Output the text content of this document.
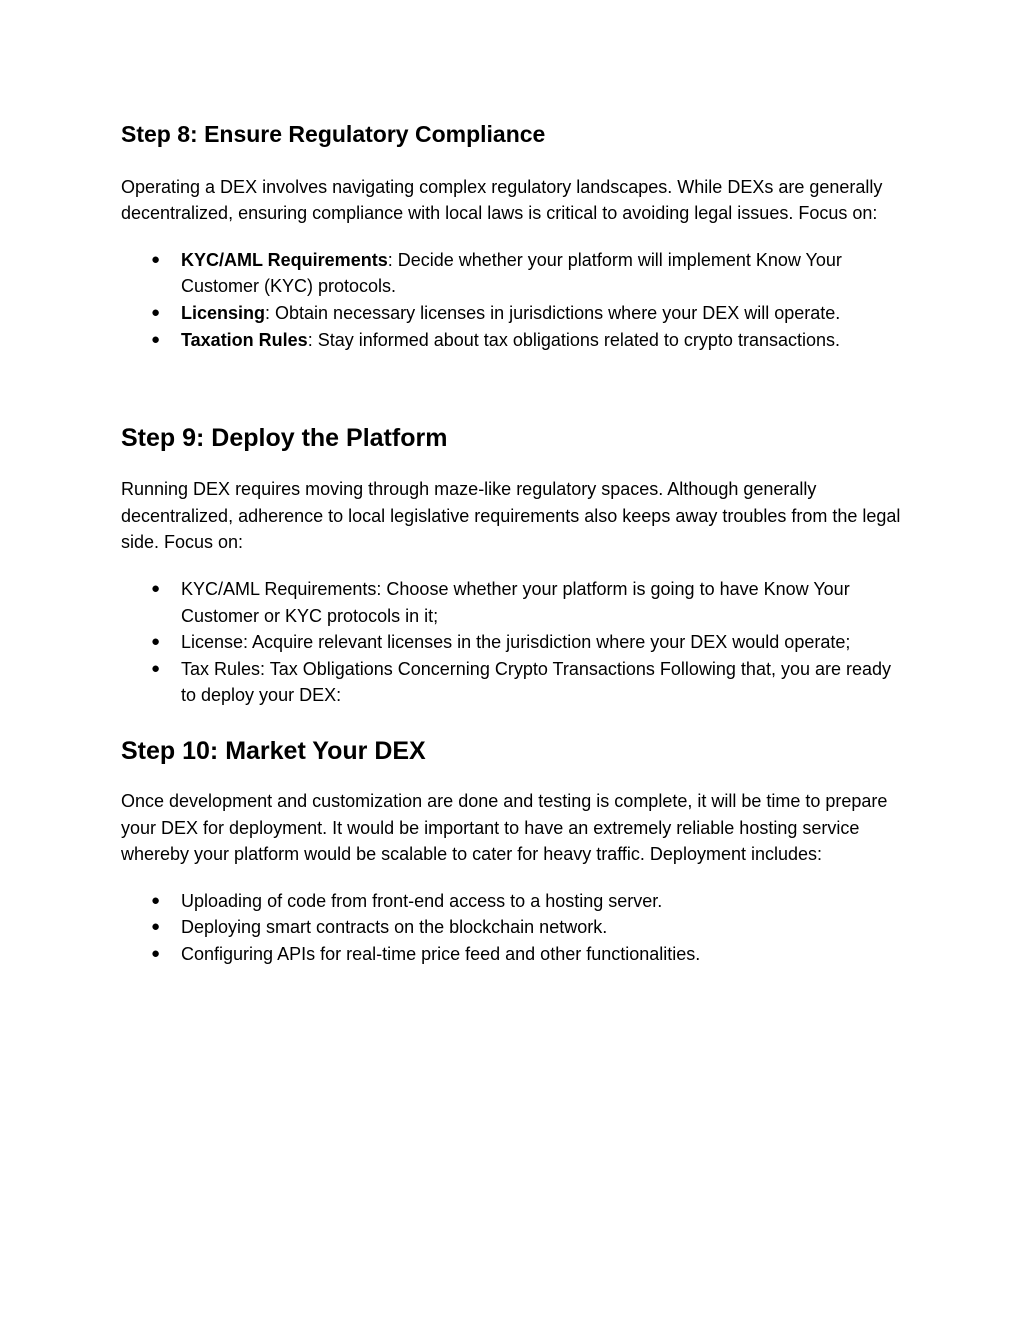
Step 8: Ensure Regulatory Compliance

Operating a DEX involves navigating complex regulatory landscapes. While DEXs are generally decentralized, ensuring compliance with local laws is critical to avoiding legal issues. Focus on:

● KYC/AML Requirements: Decide whether your platform will implement Know Your Customer (KYC) protocols.
● Licensing: Obtain necessary licenses in jurisdictions where your DEX will operate.
● Taxation Rules: Stay informed about tax obligations related to crypto transactions.
Step 9: Deploy the Platform

Running DEX requires moving through maze-like regulatory spaces. Although generally decentralized, adherence to local legislative requirements also keeps away troubles from the legal side. Focus on:

● KYC/AML Requirements: Choose whether your platform is going to have Know Your Customer or KYC protocols in it;
● License: Acquire relevant licenses in the jurisdiction where your DEX would operate;
● Tax Rules: Tax Obligations Concerning Crypto Transactions Following that, you are ready to deploy your DEX:
Step 10: Market Your DEX

Once development and customization are done and testing is complete, it will be time to prepare your DEX for deployment. It would be important to have an extremely reliable hosting service whereby your platform would be scalable to cater for heavy traffic. Deployment includes:

● Uploading of code from front-end access to a hosting server.
● Deploying smart contracts on the blockchain network.
● Configuring APIs for real-time price feed and other functionalities.
